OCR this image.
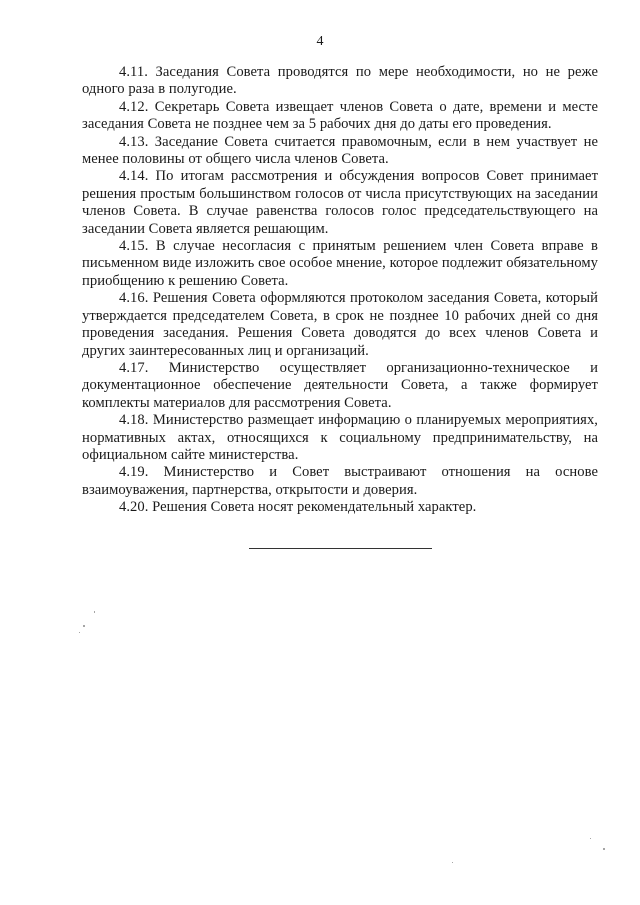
4

4.11. Заседания Совета проводятся по мере необходимости, но не реже одного раза в полугодие.

4.12. Секретарь Совета извещает членов Совета о дате, времени и месте заседания Совета не позднее чем за 5 рабочих дня до даты его проведения.

4.13. Заседание Совета считается правомочным, если в нем участвует не менее половины от общего числа членов Совета.

4.14. По итогам рассмотрения и обсуждения вопросов Совет принимает решения простым большинством голосов от числа присутствующих на заседании членов Совета. В случае равенства голосов голос председательствующего на заседании Совета является решающим.

4.15. В случае несогласия с принятым решением член Совета вправе в письменном виде изложить свое особое мнение, которое подлежит обязательному приобщению к решению Совета.

4.16. Решения Совета оформляются протоколом заседания Совета, который утверждается председателем Совета, в срок не позднее 10 рабочих дней со дня проведения заседания. Решения Совета доводятся до всех членов Совета и других заинтересованных лиц и организаций.

4.17. Министерство осуществляет организационно-техническое и документационное обеспечение деятельности Совета, а также формирует комплекты материалов для рассмотрения Совета.

4.18. Министерство размещает информацию о планируемых мероприятиях, нормативных актах, относящихся к социальному предпринимательству, на официальном сайте министерства.

4.19. Министерство и Совет выстраивают отношения на основе взаимоуважения, партнерства, открытости и доверия.

4.20. Решения Совета носят рекомендательный характер.
